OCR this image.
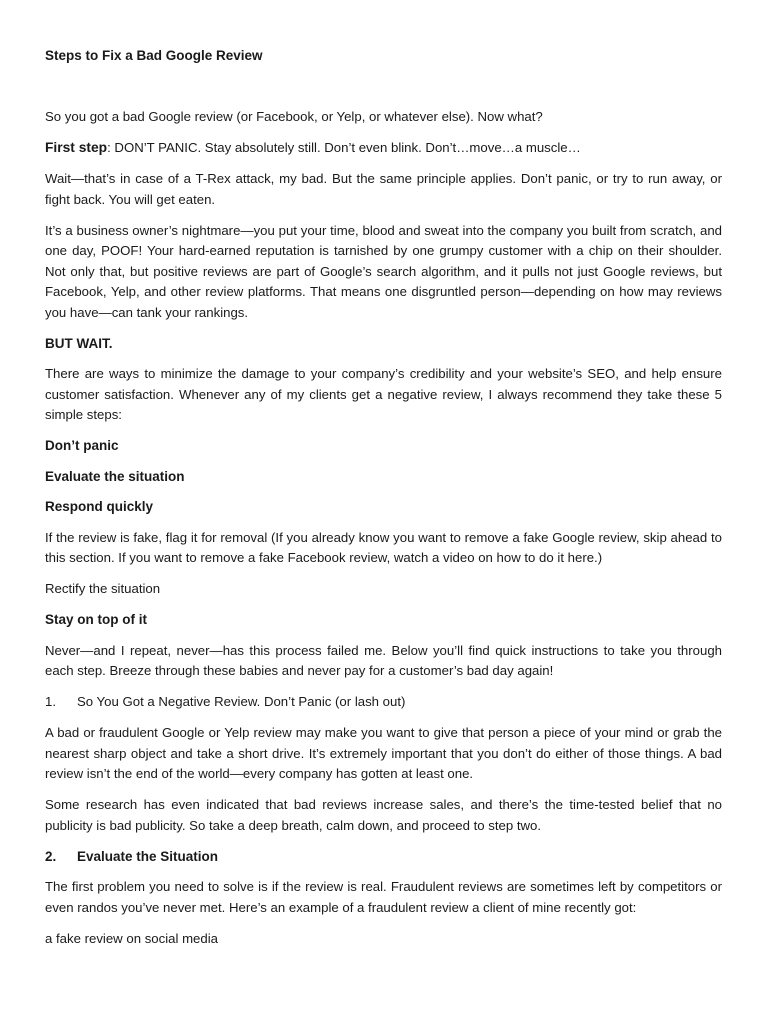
Steps to Fix a Bad Google Review

So you got a bad Google review (or Facebook, or Yelp, or whatever else). Now what?

First step: DON’T PANIC. Stay absolutely still. Don’t even blink. Don’t…move…a muscle…

Wait—that’s in case of a T-Rex attack, my bad. But the same principle applies. Don’t panic, or try to run away, or fight back. You will get eaten.

It’s a business owner’s nightmare—you put your time, blood and sweat into the company you built from scratch, and one day, POOF! Your hard-earned reputation is tarnished by one grumpy customer with a chip on their shoulder. Not only that, but positive reviews are part of Google’s search algorithm, and it pulls not just Google reviews, but Facebook, Yelp, and other review platforms. That means one disgruntled person—depending on how may reviews you have—can tank your rankings.

BUT WAIT.

There are ways to minimize the damage to your company’s credibility and your website’s SEO, and help ensure customer satisfaction. Whenever any of my clients get a negative review, I always recommend they take these 5 simple steps:

Don’t panic

Evaluate the situation

Respond quickly

If the review is fake, flag it for removal (If you already know you want to remove a fake Google review, skip ahead to this section. If you want to remove a fake Facebook review, watch a video on how to do it here.)

Rectify the situation

Stay on top of it

Never—and I repeat, never—has this process failed me. Below you’ll find quick instructions to take you through each step. Breeze through these babies and never pay for a customer’s bad day again!

1. So You Got a Negative Review. Don’t Panic (or lash out)

A bad or fraudulent Google or Yelp review may make you want to give that person a piece of your mind or grab the nearest sharp object and take a short drive. It’s extremely important that you don’t do either of those things. A bad review isn’t the end of the world—every company has gotten at least one.

Some research has even indicated that bad reviews increase sales, and there’s the time-tested belief that no publicity is bad publicity. So take a deep breath, calm down, and proceed to step two.

2. Evaluate the Situation

The first problem you need to solve is if the review is real. Fraudulent reviews are sometimes left by competitors or even randos you’ve never met. Here’s an example of a fraudulent review a client of mine recently got:

a fake review on social media
